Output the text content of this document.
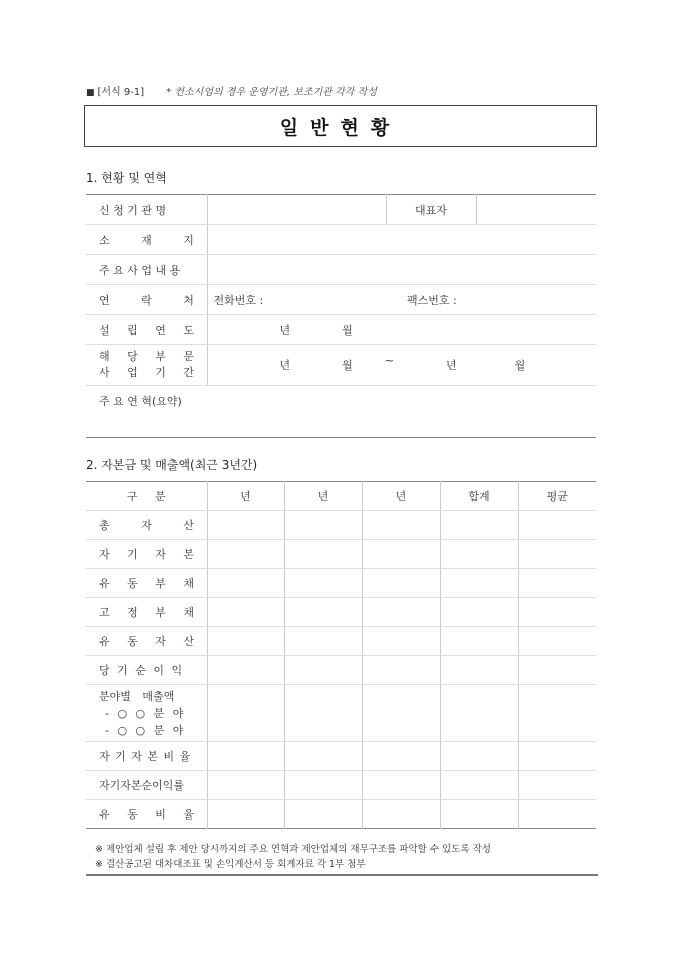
■ [서식 9-1] * 컨소시엄의 경우 운영기관, 보조기관 각각 작성
일반현황
1. 현황 및 연혁
신 청 기 관 명		대표자	
소 재 지			
주 요 사 업 내 용			
연 락 처	전화번호 :	팩스번호 :	
설 립 연 도	년 월		

해 당 부 문
사 업 기 간	년 월 ~ 년 월		
주 요 연 혁(요약)			
2. 자본금 및 매출액(최근 3년간)
구 분	년	년	년	합계	평균
총 자 산					
자 기 자 본					
유 동 부 채					
고 정 부 채					
유 동 자 산					
당 기 순 이 익					

분야별 매출액
- ○ ○ 분 야
- ○ ○ 분 야					

자 기 자 본 비 율					
자기자본순이익률					
유 동 비 율					
※ 제안업체 설립 후 제안 당시까지의 주요 연혁과 제안업체의 재무구조를 파악할 수 있도록 작성
※ 결산공고된 대차대조표 및 손익계산서 등 회계자료 각 1부 첨부
